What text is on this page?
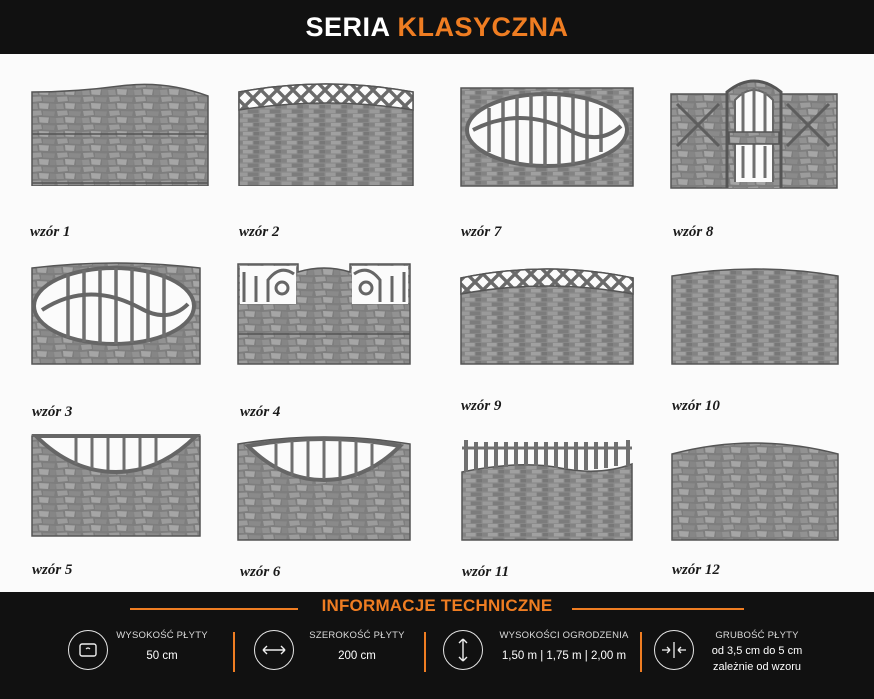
SERIA KLASYCZNA
wzór 1	wzór 2	wzór 7	wzór 8
wzór 3	wzór 4	wzór 9	wzór 10
wzór 5	wzór 6	wzór 11	wzór 12
INFORMACJE TECHNICZNE
WYSOKOŚĆ PŁYTY
50 cm
SZEROKOŚĆ PŁYTY
200 cm
WYSOKOŚCI OGRODZENIA
1,50 m | 1,75 m | 2,00 m
GRUBOŚĆ PŁYTY
od 3,5 cm do 5 cm
zależnie od wzoru
